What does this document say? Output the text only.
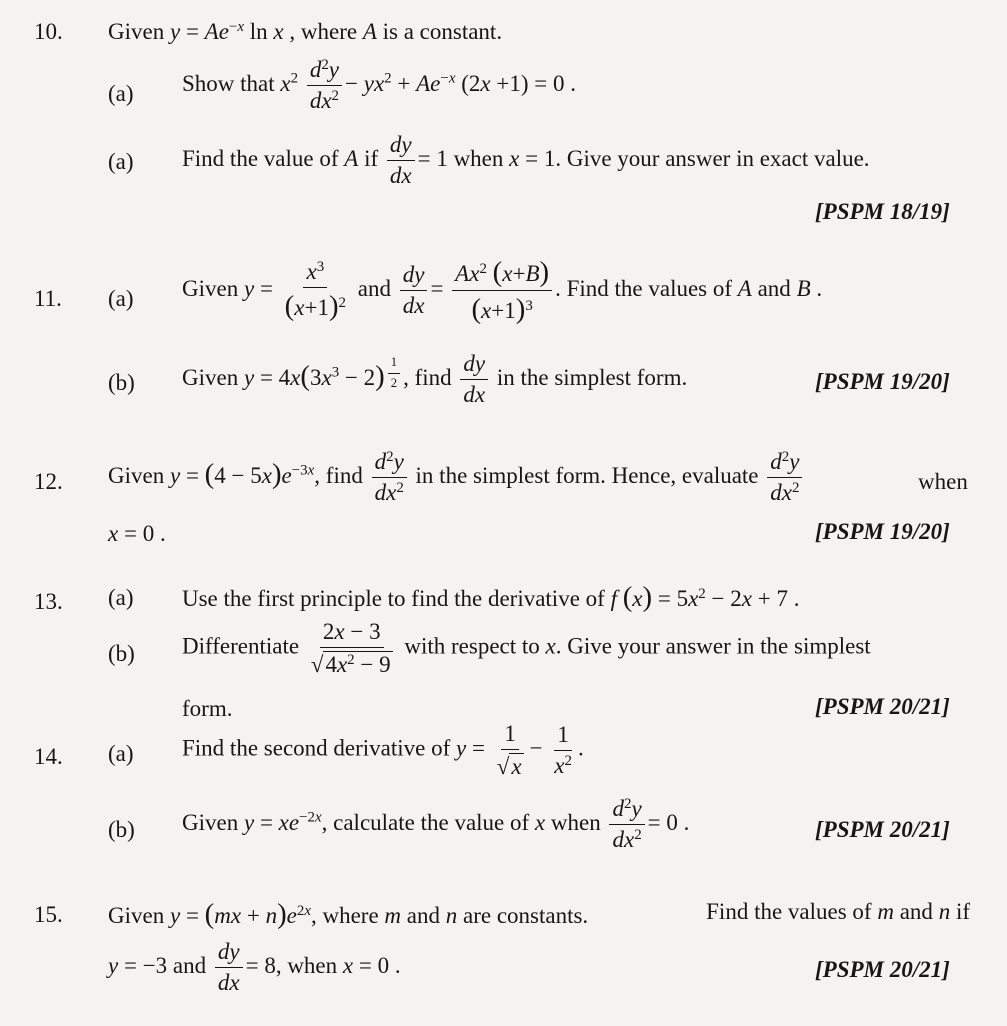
10. Given $y = Ae^{-x}$ ln x , where A is a constant.
(a) Show that $x^2 \frac{d^2y}{dx^2} - yx^2 + Ae^{-x}$ (2x +1) = 0 .
(a) Find the value of A if $\frac{dy}{dx} = 1$ when x = 1. Give your answer in exact value.
[PSPM 18/19]
11. (a) Given $y = \frac{x^3}{(x+1)^2}$ and $\frac{dy}{dx} = \frac{Ax^2 (x+B)}{(x+1)^3}$ . Find the values of A and B .
(b) Given $y = 4x(3x^3 - 2)$ $^{\frac{1}{2}}$ , find $\frac{dy}{dx}$ in the simplest form.	[PSPM 19/20]
12. Given $y = (4 - 5x)e^{-3x}$, find $\frac{d^2y}{dx^2}$ in the simplest form. Hence, evaluate $\frac{d^2y}{dx^2}$	when
x = 0 .	[PSPM 19/20]
13. (a) Use the first principle to find the derivative of f $(x) = 5x^2 - 2x + 7$ .
(b) Differentiate $\frac{2x - 3}{√4x^2 - 9}$ with respect to x. Give your answer in the simplest
form.	[PSPM 20/21]
14. (a) Find the second derivative of $y = \frac{1}{√x} - \frac{1}{x^2}$ .
(b) Given $y = xe^{-2x}$, calculate the value of x when $\frac{d^2y}{dx^2} = 0$ .	[PSPM 20/21]
15. Given $y = (mx + n)e^{2x}$, where m and n are constants.	Find the values of m and n if
y = −3 and $\frac{dy}{dx} = 8$, when x = 0 .	[PSPM 20/21]
